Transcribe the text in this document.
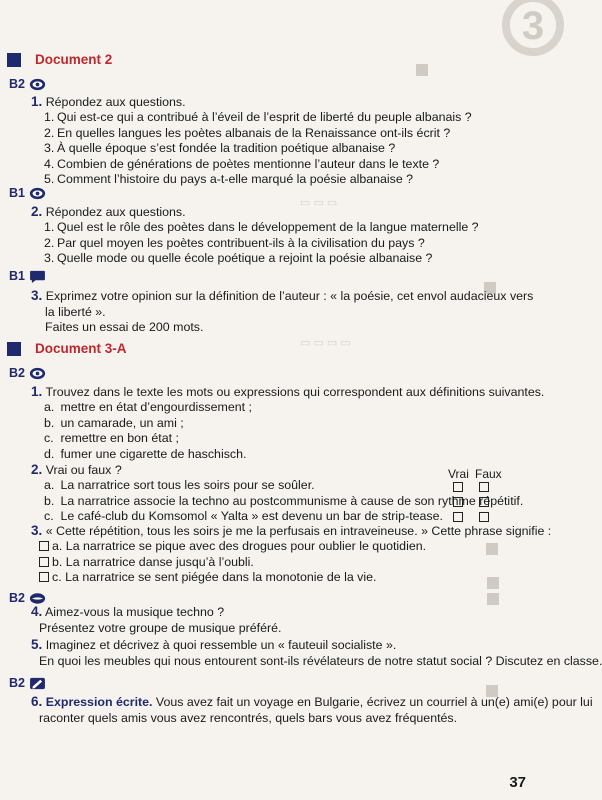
3
▭ ▭ ▭
▭ ▭ ▭ ▭
Document 2
B2
1. Répondez aux questions.
1. Qui est-ce qui a contribué à l’éveil de l’esprit de liberté du peuple albanais ?
2. En quelles langues les poètes albanais de la Renaissance ont-ils écrit ?
3. À quelle époque s’est fondée la tradition poétique albanaise ?
4. Combien de générations de poètes mentionne l’auteur dans le texte ?
5. Comment l’histoire du pays a-t-elle marqué la poésie albanaise ?
B1
2. Répondez aux questions.
1. Quel est le rôle des poètes dans le développement de la langue maternelle ?
2. Par quel moyen les poètes contribuent-ils à la civilisation du pays ?
3. Quelle mode ou quelle école poétique a rejoint la poésie albanaise ?
B1
3. Exprimez votre opinion sur la définition de l’auteur : « la poésie, cet envol audacieux vers
la liberté ».
Faites un essai de 200 mots.
Document 3-A
B2
1. Trouvez dans le texte les mots ou expressions qui correspondent aux définitions suivantes.
a. mettre en état d’engourdissement ;
b. un camarade, un ami ;
c. remettre en bon état ;
d. fumer une cigarette de haschisch.
2. Vrai ou faux ?	Vrai Faux
a. La narratrice sort tous les soirs pour se soûler.
b. La narratrice associe la techno au postcommunisme à cause de son rythme répétitif.
c. Le café-club du Komsomol « Yalta » est devenu un bar de strip-tease.
3. « Cette répétition, tous les soirs je me la perfusais en intraveineuse. » Cette phrase signifie :
a. La narratrice se pique avec des drogues pour oublier le quotidien.
b. La narratrice danse jusqu’à l’oubli.
c. La narratrice se sent piégée dans la monotonie de la vie.
B2
4. Aimez-vous la musique techno ?
Présentez votre groupe de musique préféré.
5. Imaginez et décrivez à quoi ressemble un « fauteuil socialiste ».
En quoi les meubles qui nous entourent sont-ils révélateurs de notre statut social ? Discutez en classe.
B2
6. Expression écrite. Vous avez fait un voyage en Bulgarie, écrivez un courriel à un(e) ami(e) pour lui
raconter quels amis vous avez rencontrés, quels bars vous avez fréquentés.
37
